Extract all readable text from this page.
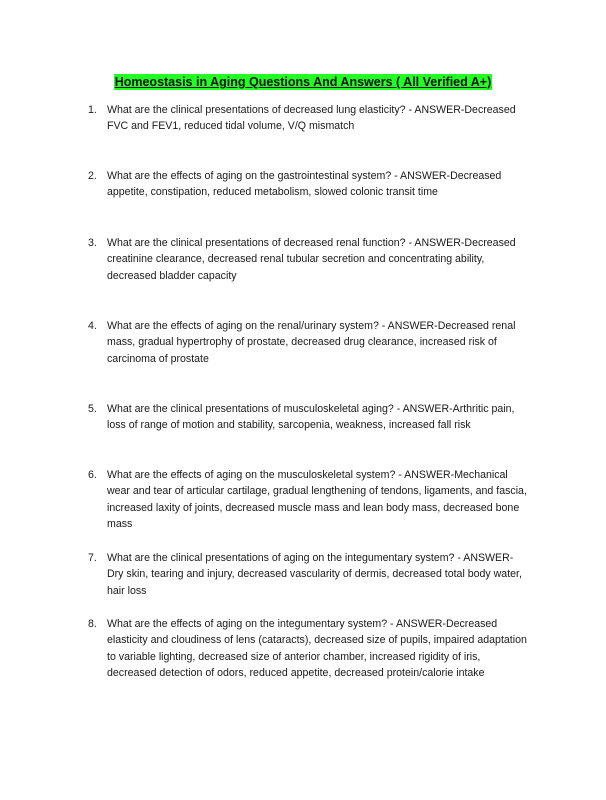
Homeostasis in Aging Questions And Answers ( All Verified A+)
1. What are the clinical presentations of decreased lung elasticity? - ANSWER-Decreased FVC and FEV1, reduced tidal volume, V/Q mismatch
2. What are the effects of aging on the gastrointestinal system? - ANSWER-Decreased appetite, constipation, reduced metabolism, slowed colonic transit time
3. What are the clinical presentations of decreased renal function? - ANSWER-Decreased creatinine clearance, decreased renal tubular secretion and concentrating ability, decreased bladder capacity
4. What are the effects of aging on the renal/urinary system? - ANSWER-Decreased renal mass, gradual hypertrophy of prostate, decreased drug clearance, increased risk of carcinoma of prostate
5. What are the clinical presentations of musculoskeletal aging? - ANSWER-Arthritic pain, loss of range of motion and stability, sarcopenia, weakness, increased fall risk
6. What are the effects of aging on the musculoskeletal system? - ANSWER-Mechanical wear and tear of articular cartilage, gradual lengthening of tendons, ligaments, and fascia, increased laxity of joints, decreased muscle mass and lean body mass, decreased bone mass
7. What are the clinical presentations of aging on the integumentary system? - ANSWER-Dry skin, tearing and injury, decreased vascularity of dermis, decreased total body water, hair loss
8. What are the effects of aging on the integumentary system? - ANSWER-Decreased elasticity and cloudiness of lens (cataracts), decreased size of pupils, impaired adaptation to variable lighting, decreased size of anterior chamber, increased rigidity of iris, decreased detection of odors, reduced appetite, decreased protein/calorie intake
